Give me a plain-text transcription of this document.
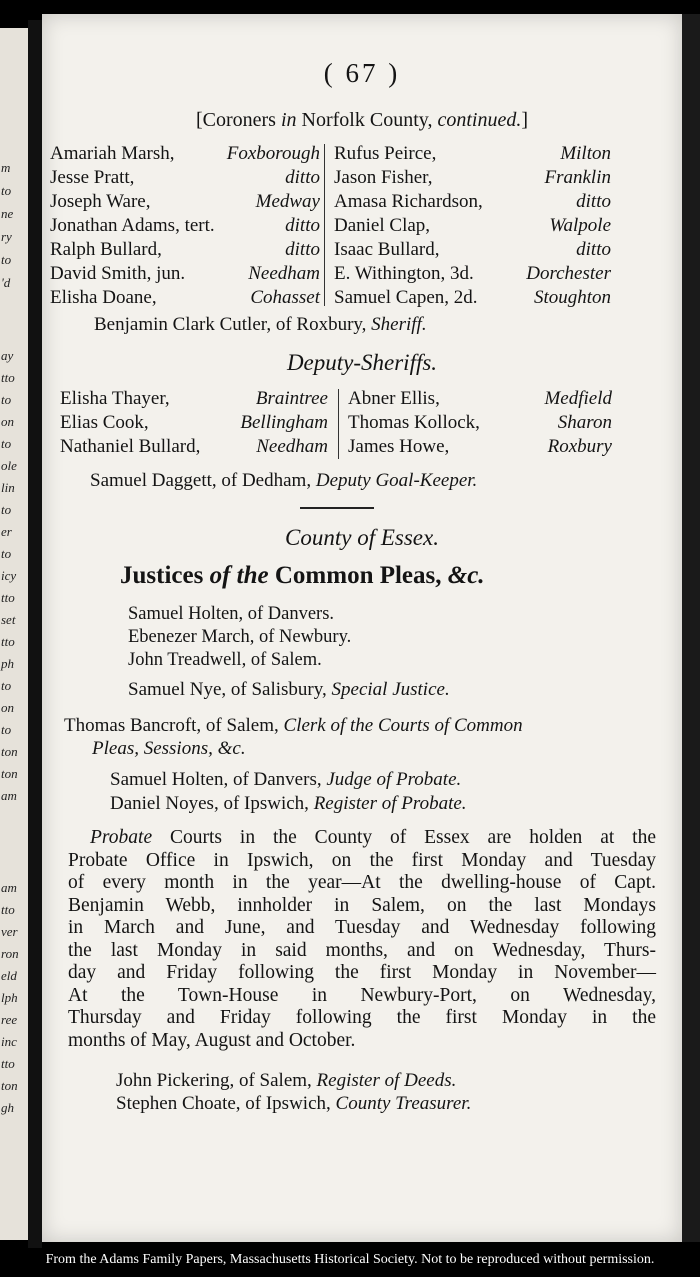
m
to
ne
ry
to
'd
ay
tto
to
on
to
ole
lin
to
er
to
icy
tto
set
tto
ph
to
on
to
ton
ton
am
am
tto
ver
ron
eld
lph
ree
inc
tto
ton
gh
( 67 )
[Coroners in Norfolk County, continued.]
Amariah Marsh,	Foxborough
Jesse Pratt,	ditto
Joseph Ware,	Medway
Jonathan Adams, tert.	ditto
Ralph Bullard,	ditto
David Smith, jun.	Needham
Elisha Doane,	Cohasset
Rufus Peirce,	Milton
Jason Fisher,	Franklin
Amasa Richardson,	ditto
Daniel Clap,	Walpole
Isaac Bullard,	ditto
E. Withington, 3d.	Dorchester
Samuel Capen, 2d.	Stoughton
Benjamin Clark Cutler, of Roxbury, Sheriff.
Deputy-Sheriffs.
Elisha Thayer,	Braintree
Elias Cook,	Bellingham
Nathaniel Bullard,	Needham
Abner Ellis,	Medfield
Thomas Kollock,	Sharon
James Howe,	Roxbury
Samuel Daggett, of Dedham, Deputy Goal-Keeper.
County of Essex.
Justices of the Common Pleas, &c.
Samuel Holten, of Danvers.
Ebenezer March, of Newbury.
John Treadwell, of Salem.
Samuel Nye, of Salisbury, Special Justice.
Thomas Bancroft, of Salem, Clerk of the Courts of Common
Pleas, Sessions, &c.
Samuel Holten, of Danvers, Judge of Probate.
Daniel Noyes, of Ipswich, Register of Probate.
Probate Courts in the County of Essex are holden at the
Probate Office in Ipswich, on the first Monday and Tuesday
of every month in the year—At the dwelling-house of Capt.
Benjamin Webb, innholder in Salem, on the last Mondays
in March and June, and Tuesday and Wednesday following
the last Monday in said months, and on Wednesday, Thurs-
day and Friday following the first Monday in November—
At the Town-House in Newbury-Port, on Wednesday,
Thursday and Friday following the first Monday in the
months of May, August and October.
John Pickering, of Salem, Register of Deeds.
Stephen Choate, of Ipswich, County Treasurer.
From the Adams Family Papers, Massachusetts Historical Society. Not to be reproduced without permission.
